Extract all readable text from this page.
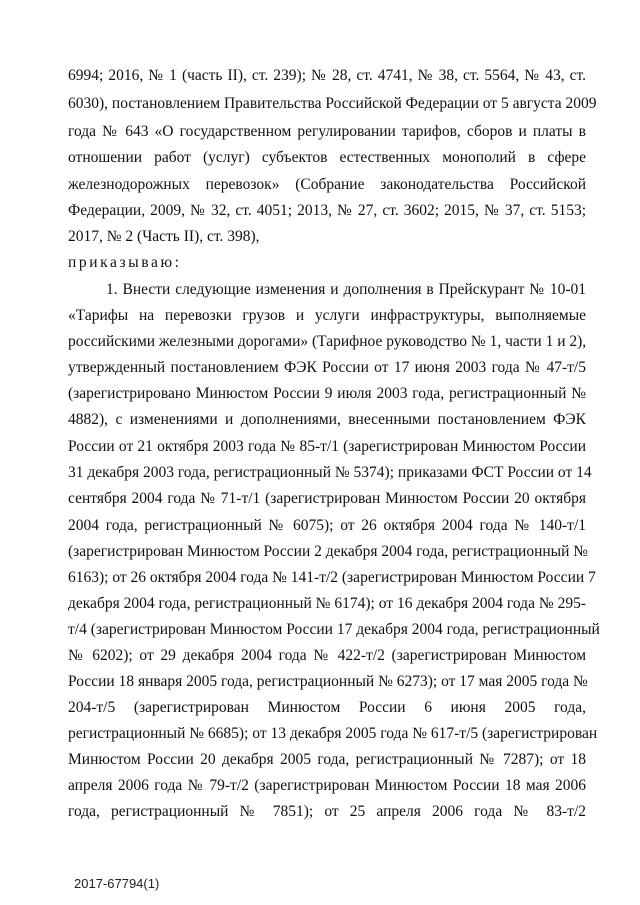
6994; 2016, № 1 (часть II), ст. 239); № 28, ст. 4741, № 38, ст. 5564, № 43, ст.
6030), постановлением Правительства Российской Федерации от 5 августа 2009
года № 643 «О государственном регулировании тарифов, сборов и платы в
отношении работ (услуг) субъектов естественных монополий в сфере
железнодорожных перевозок» (Собрание законодательства Российской
Федерации, 2009, № 32, ст. 4051; 2013, № 27, ст. 3602; 2015, № 37, ст. 5153;
2017, № 2 (Часть II), ст. 398),
приказываю:
1. Внести следующие изменения и дополнения в Прейскурант № 10-01
«Тарифы на перевозки грузов и услуги инфраструктуры, выполняемые
российскими железными дорогами» (Тарифное руководство № 1, части 1 и 2),
утвержденный постановлением ФЭК России от 17 июня 2003 года № 47-т/5
(зарегистрировано Минюстом России 9 июля 2003 года, регистрационный №
4882), с изменениями и дополнениями, внесенными постановлением ФЭК
России от 21 октября 2003 года № 85-т/1 (зарегистрирован Минюстом России
31 декабря 2003 года, регистрационный № 5374); приказами ФСТ России от 14
сентября 2004 года № 71-т/1 (зарегистрирован Минюстом России 20 октября
2004 года, регистрационный № 6075); от 26 октября 2004 года № 140-т/1
(зарегистрирован Минюстом России 2 декабря 2004 года, регистрационный №
6163); от 26 октября 2004 года № 141-т/2 (зарегистрирован Минюстом России 7
декабря 2004 года, регистрационный № 6174); от 16 декабря 2004 года № 295-
т/4 (зарегистрирован Минюстом России 17 декабря 2004 года, регистрационный
№ 6202); от 29 декабря 2004 года № 422-т/2 (зарегистрирован Минюстом
России 18 января 2005 года, регистрационный № 6273); от 17 мая 2005 года №
204-т/5 (зарегистрирован Минюстом России 6 июня 2005 года,
регистрационный № 6685); от 13 декабря 2005 года № 617-т/5 (зарегистрирован
Минюстом России 20 декабря 2005 года, регистрационный № 7287); от 18
апреля 2006 года № 79-т/2 (зарегистрирован Минюстом России 18 мая 2006
года, регистрационный № 7851); от 25 апреля 2006 года № 83-т/2
2017-67794(1)
